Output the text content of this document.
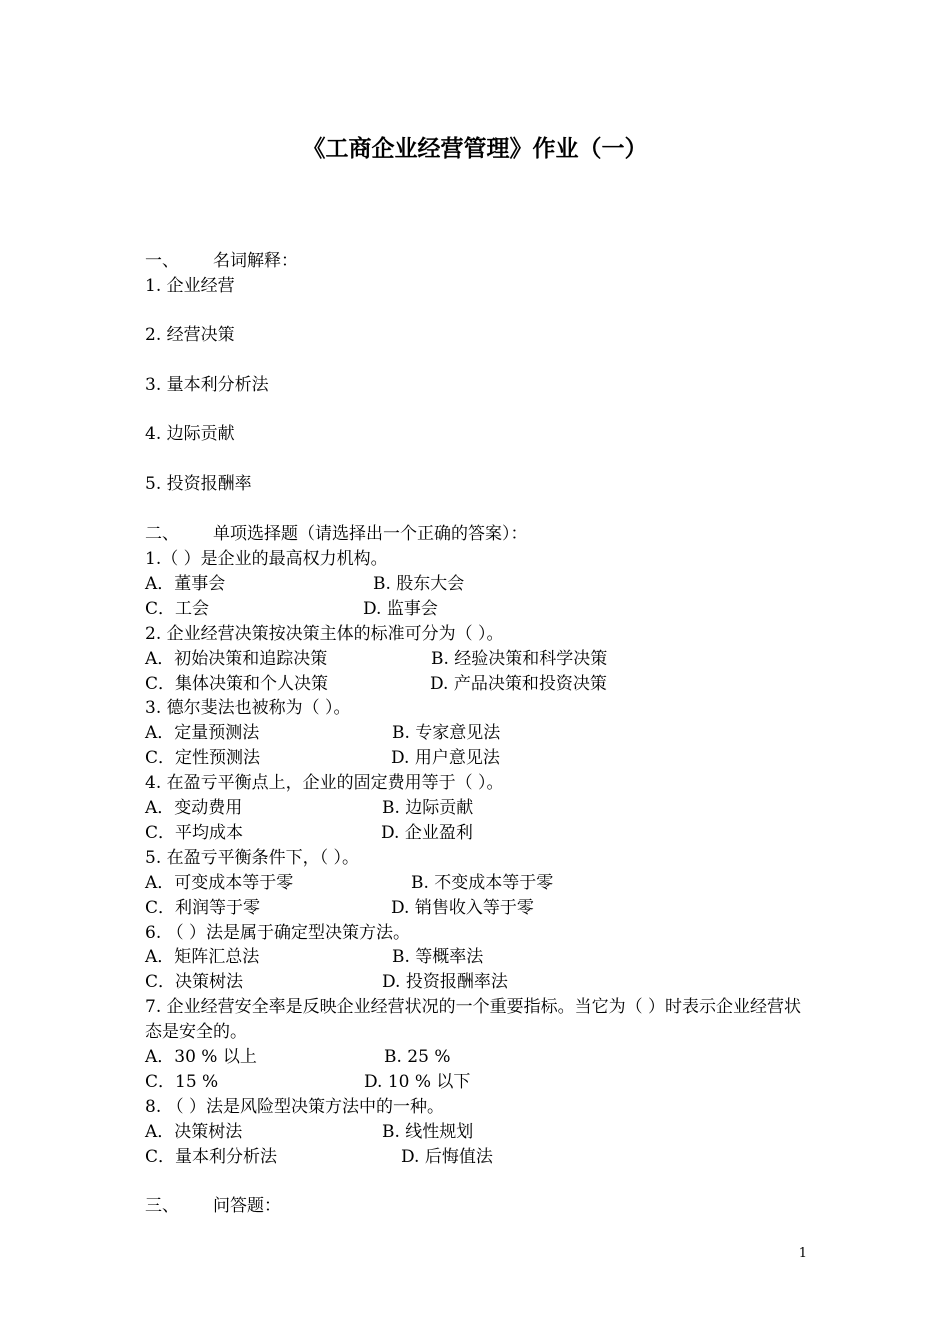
《工商企业经营管理》作业（一）
一、 名词解释：
1. 企业经营
2. 经营决策
3. 量本利分析法
4. 边际贡献
5. 投资报酬率
二、 单项选择题（请选择出一个正确的答案）：
1.（ ）是企业的最高权力机构。
A．董事会	B. 股东大会
C．工会	D. 监事会
2. 企业经营决策按决策主体的标准可分为（ ）。
A．初始决策和追踪决策	B. 经验决策和科学决策
C．集体决策和个人决策	D. 产品决策和投资决策
3. 德尔斐法也被称为（ ）。
A．定量预测法	B. 专家意见法
C．定性预测法	D. 用户意见法
4. 在盈亏平衡点上，企业的固定费用等于（ ）。
A．变动费用	B. 边际贡献
C．平均成本	D. 企业盈利
5. 在盈亏平衡条件下，（ ）。
A．可变成本等于零	B. 不变成本等于零
C．利润等于零	D. 销售收入等于零
6. （ ）法是属于确定型决策方法。
A．矩阵汇总法	B. 等概率法
C．决策树法	D. 投资报酬率法
7. 企业经营安全率是反映企业经营状况的一个重要指标。当它为（ ）时表示企业经营状态是安全的。
A．30 % 以上	B. 25 %
C．15 %	D. 10 % 以下
8. （ ）法是风险型决策方法中的一种。
A．决策树法	B. 线性规划
C．量本利分析法	D. 后悔值法
三、 问答题：
1
